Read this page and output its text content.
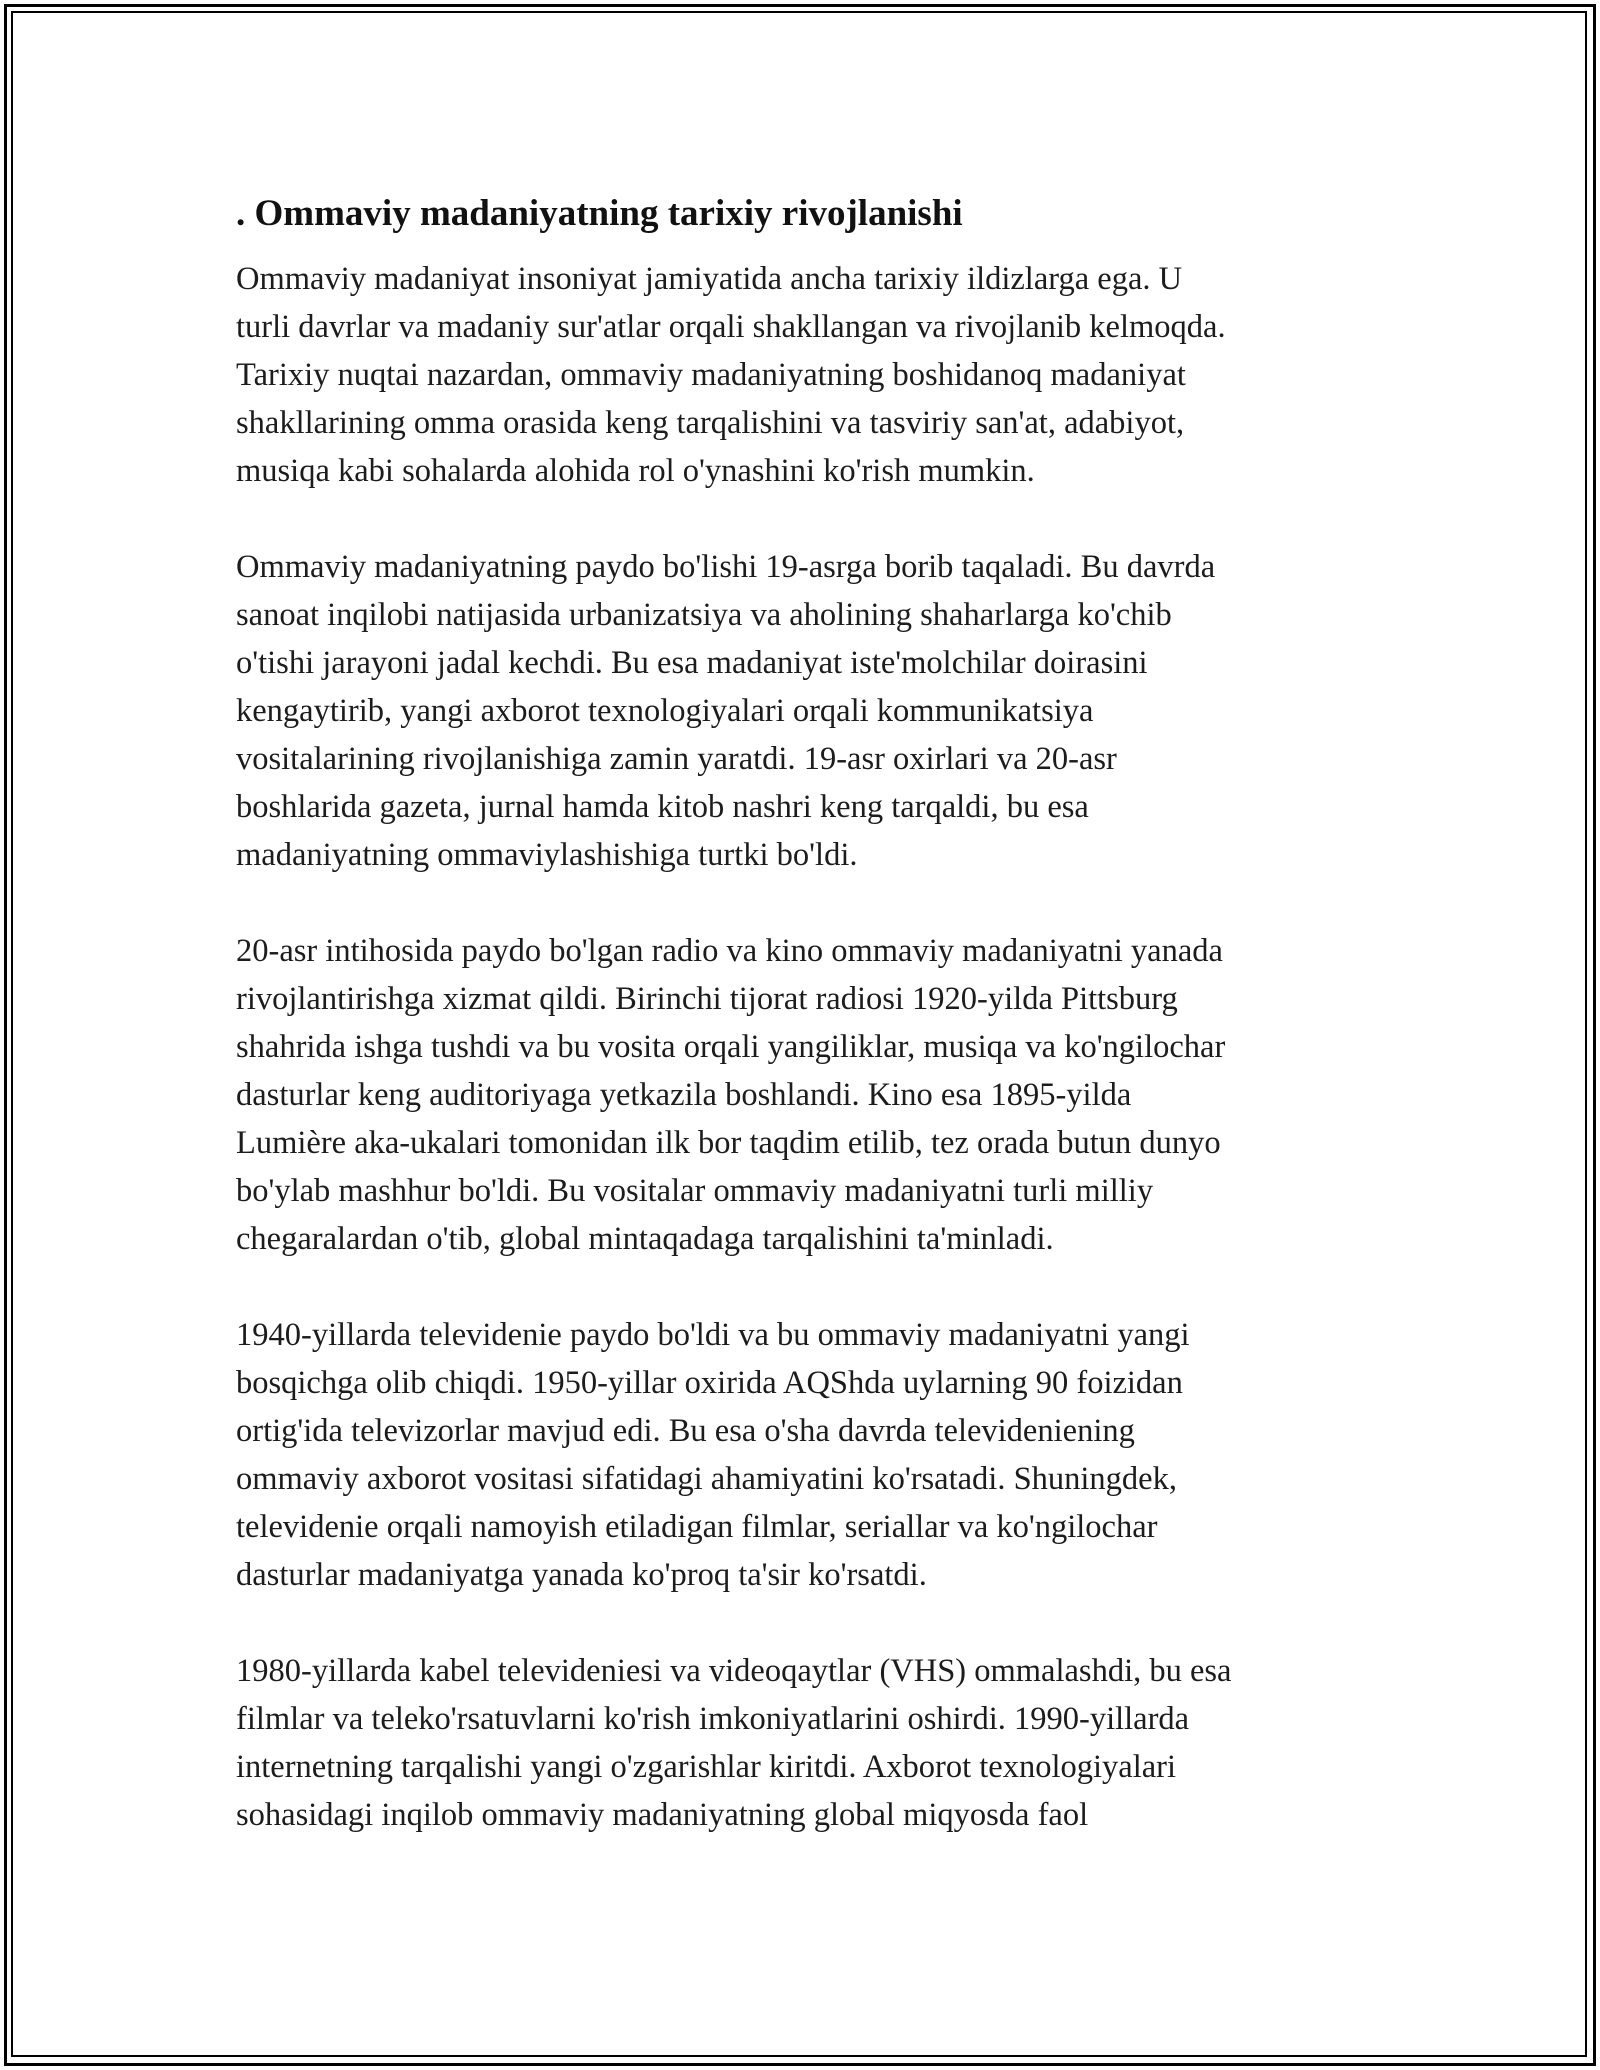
. Ommaviy madaniyatning tarixiy rivojlanishi

Ommaviy madaniyat insoniyat jamiyatida ancha tarixiy ildizlarga ega. U
turli davrlar va madaniy sur'atlar orqali shakllangan va rivojlanib kelmoqda.
Tarixiy nuqtai nazardan, ommaviy madaniyatning boshidanoq madaniyat
shakllarining omma orasida keng tarqalishini va tasviriy san'at, adabiyot,
musiqa kabi sohalarda alohida rol o'ynashini ko'rish mumkin.

Ommaviy madaniyatning paydo bo'lishi 19-asrga borib taqaladi. Bu davrda
sanoat inqilobi natijasida urbanizatsiya va aholining shaharlarga ko'chib
o'tishi jarayoni jadal kechdi. Bu esa madaniyat iste'molchilar doirasini
kengaytirib, yangi axborot texnologiyalari orqali kommunikatsiya
vositalarining rivojlanishiga zamin yaratdi. 19-asr oxirlari va 20-asr
boshlarida gazeta, jurnal hamda kitob nashri keng tarqaldi, bu esa
madaniyatning ommaviylashishiga turtki bo'ldi.

20-asr intihosida paydo bo'lgan radio va kino ommaviy madaniyatni yanada
rivojlantirishga xizmat qildi. Birinchi tijorat radiosi 1920-yilda Pittsburg
shahrida ishga tushdi va bu vosita orqali yangiliklar, musiqa va ko'ngilochar
dasturlar keng auditoriyaga yetkazila boshlandi. Kino esa 1895-yilda
Lumière aka-ukalari tomonidan ilk bor taqdim etilib, tez orada butun dunyo
bo'ylab mashhur bo'ldi. Bu vositalar ommaviy madaniyatni turli milliy
chegaralardan o'tib, global mintaqadaga tarqalishini ta'minladi.

1940-yillarda televidenie paydo bo'ldi va bu ommaviy madaniyatni yangi
bosqichga olib chiqdi. 1950-yillar oxirida AQShda uylarning 90 foizidan
ortig'ida televizorlar mavjud edi. Bu esa o'sha davrda televideniening
ommaviy axborot vositasi sifatidagi ahamiyatini ko'rsatadi. Shuningdek,
televidenie orqali namoyish etiladigan filmlar, seriallar va ko'ngilochar
dasturlar madaniyatga yanada ko'proq ta'sir ko'rsatdi.

1980-yillarda kabel televideniesi va videoqaytlar (VHS) ommalashdi, bu esa
filmlar va teleko'rsatuvlarni ko'rish imkoniyatlarini oshirdi. 1990-yillarda
internetning tarqalishi yangi o'zgarishlar kiritdi. Axborot texnologiyalari
sohasidagi inqilob ommaviy madaniyatning global miqyosda faol
